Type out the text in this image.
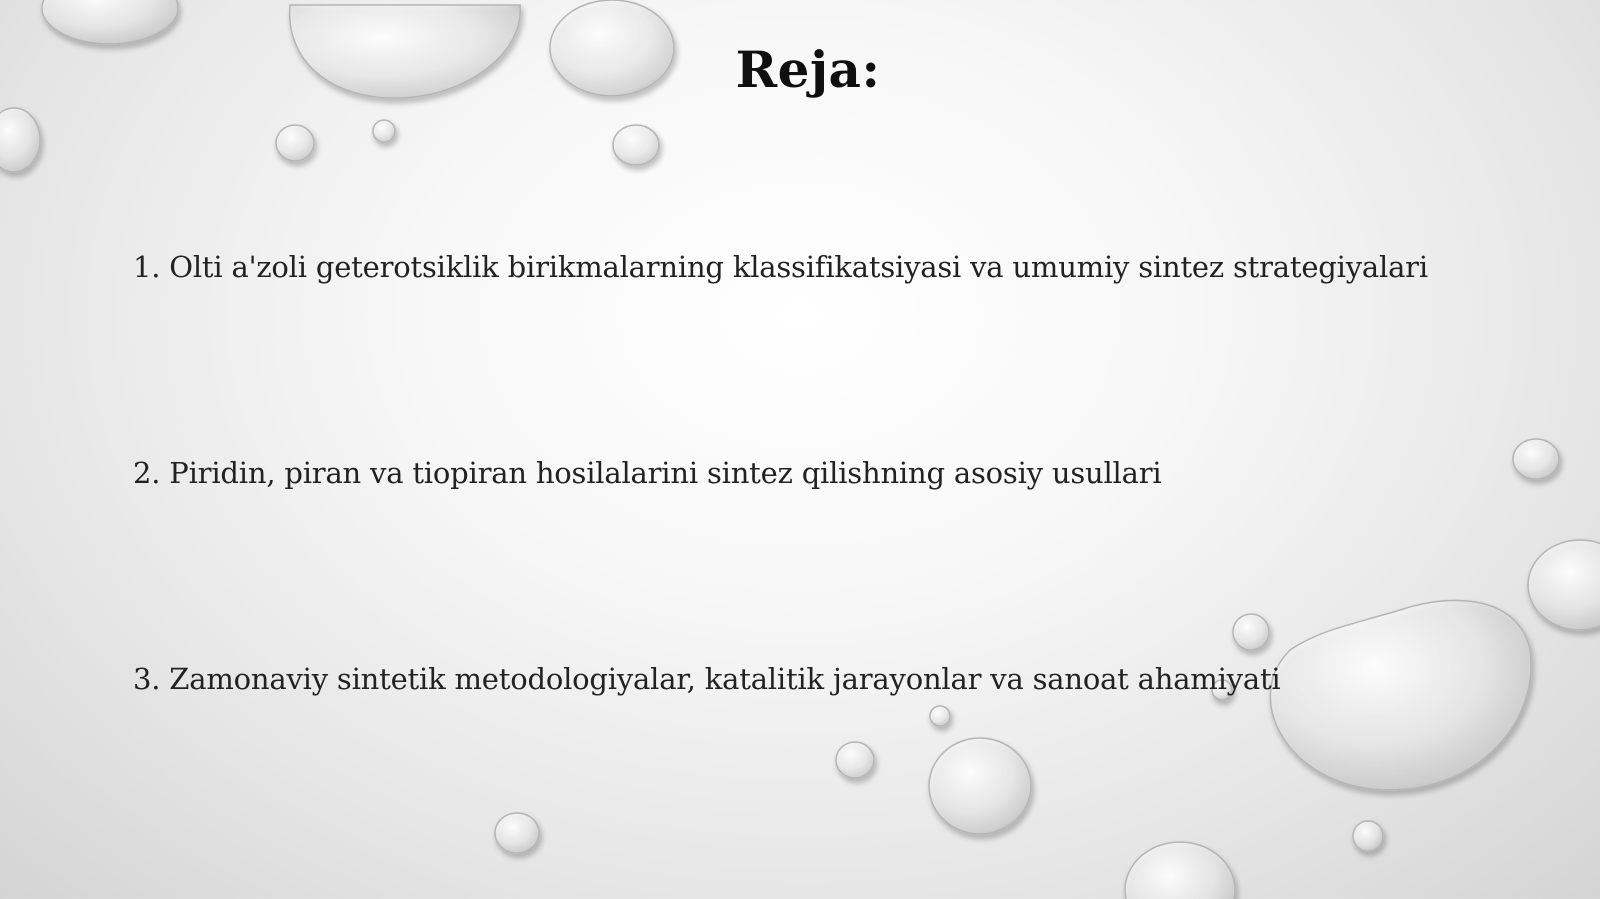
Reja:
1. Olti a'zoli geterotsiklik birikmalarning klassifikatsiyasi va umumiy sintez strategiyalari
2. Piridin, piran va tiopiran hosilalarini sintez qilishning asosiy usullari
3. Zamonaviy sintetik metodologiyalar, katalitik jarayonlar va sanoat ahamiyati
